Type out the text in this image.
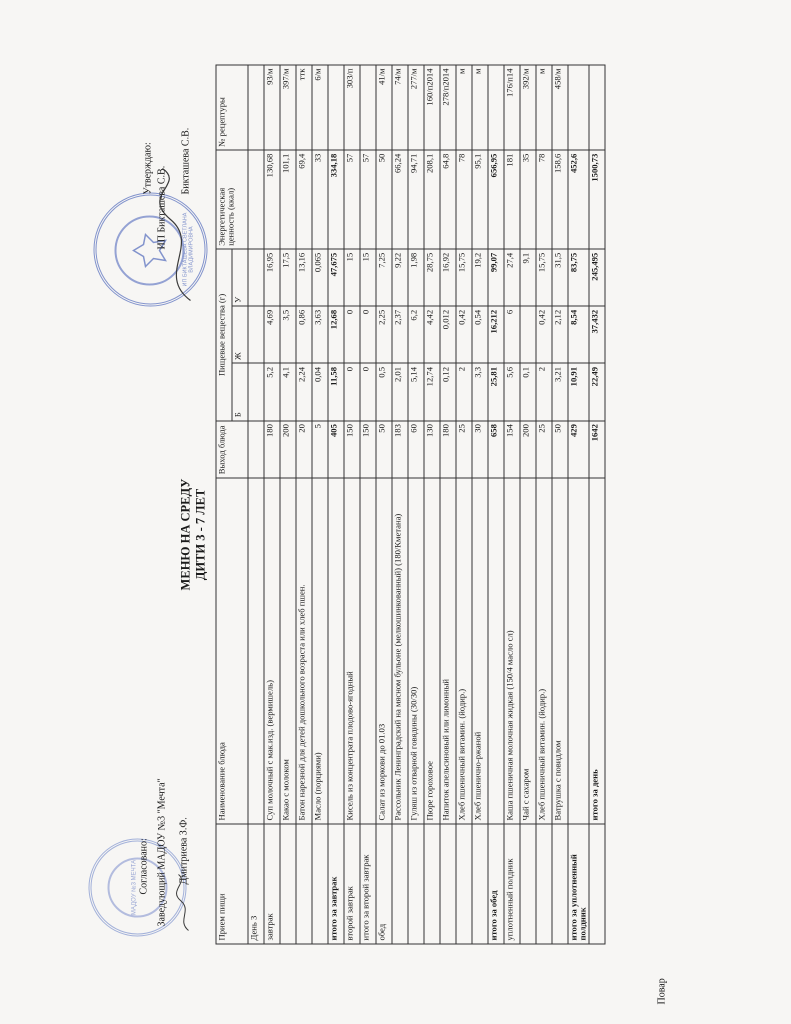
ИП БИКТАШЕВА СВЕТЛАНА ВЛАДИМИРОВНА
Утверждаю: ИП Бикташева С.В.
Бикташева С.В.
МАДОУ №3 МЕЧТА Согласовано: Заведующий МАДОУ №3 "Мечта" Дмитриева З.Ф.
МЕНЮ НА СРЕДУ ДИТИ 3 - 7 ЛЕТ
Прием пищи	Наименование блюда	Выход блюда	Пищевые вещества (г)			Энергетическая ценность (ккал)	№ рецептуры
			Б	Ж	У		
День 3							
завтрак	Суп молочный с мак.изд. (вермишель)	180	5,2	4,69	16,95	130,68	93/м
	Какао с молоком	200	4,1	3,5	17,5	101,1	397/м
	Батон нарезной для детей дошкольного возраста или хлеб пшен.	20	2,24	0,86	13,16	69,4	ттк
	Масло (порциями)	5	0,04	3,63	0,065	33	6/м
итого за завтрак		405	11,58	12,68	47,675	334,18	
второй завтрак	Кисель из концентрата плодово-ягодный	150	0	0	15	57	303/п
итого за второй завтрак		150	0	0	15	57	
обед	Салат из моркови до 01.03	50	0,5	2,25	7,25	50	41/м
	Рассольник Ленинградский на мясном бульоне (мелкошинкованный) (180/Кметана)	183	2,01	2,37	9,22	66,24	74/м
	Гуляш из отварной говядины (30/30)	60	5,14	6,2	1,98	94,71	277/м
	Пюре гороховое	130	12,74	4,42	28,75	208,1	160/п2014
	Напиток апельсиновый или лимонный	180	0,12	0,012	16,92	64,8	278/п2014
	Хлеб пшеничный витамин. (йодир.)	25	2	0,42	15,75	78	м
	Хлеб пшенично-ржаной	30	3,3	0,54	19,2	95,1	м
итого за обед		658	25,81	16,212	99,07	656,95	
уплотненный полдник	Каша пшеничная молочная жидкая (150/4 масло сл)	154	5,6	6	27,4	181	176/п14
	Чай с сахаром	200	0,1		9,1	35	392/м
	Хлеб пшеничный витамин. (йодир.)	25	2	0,42	15,75	78	м
	Ватрушка с повидлом	50	3,21	2,12	31,5	158,6	458/м
итого за уплотненный полдник		429	10,91	8,54	83,75	452,6	
	итого за день	1642	22,49	37,432	245,495	1500,73	
Повар
